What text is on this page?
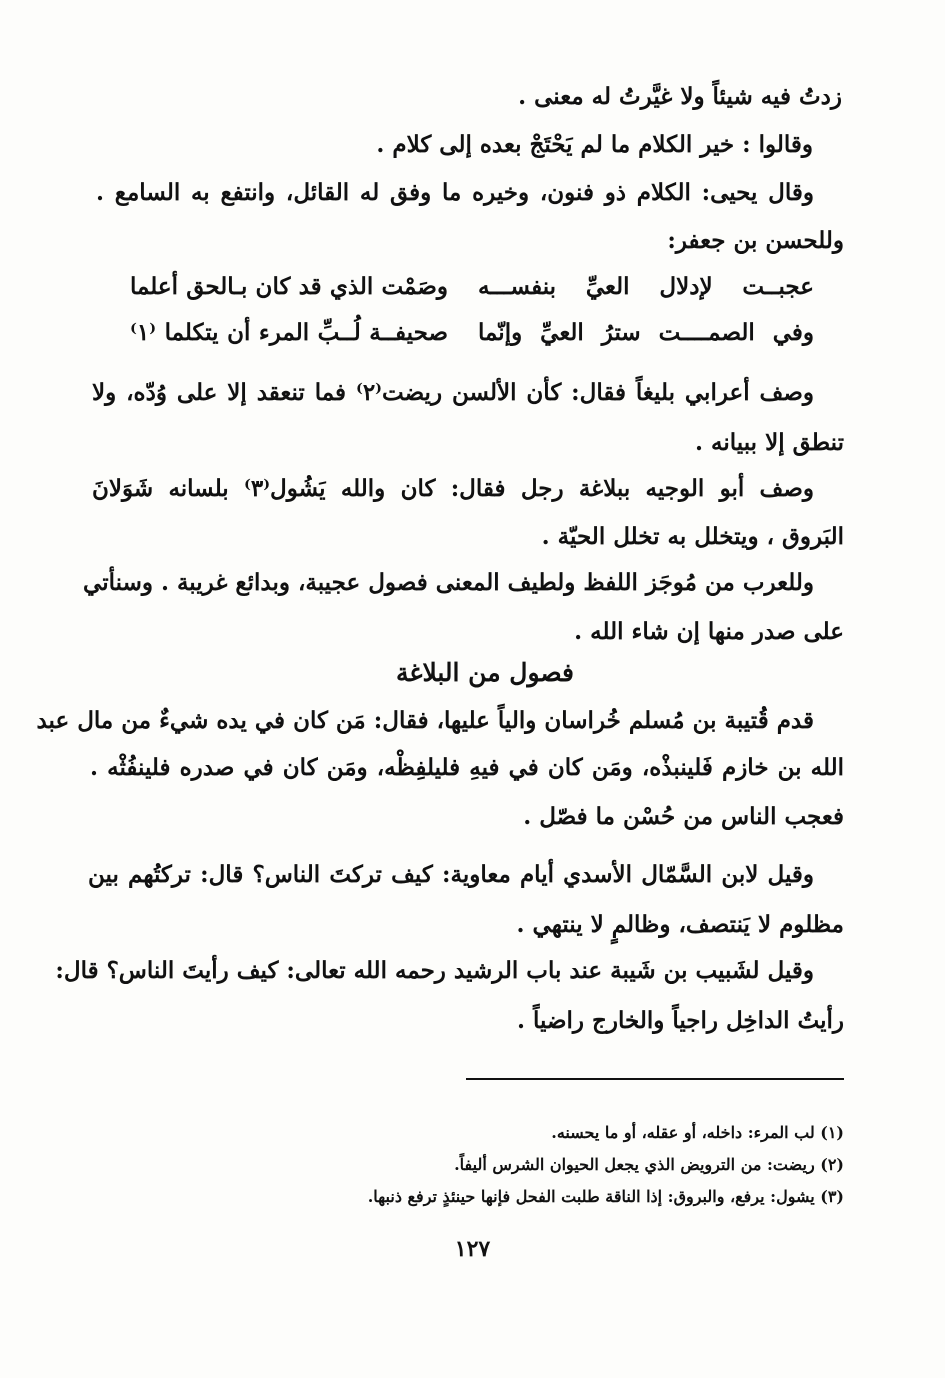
زدتُ فيه شيئاً ولا غيَّرتُ له معنى .
وقالوا : خير الكلام ما لم يَحْتَجْ بعده إلى كلام .
وقال يحيى: الكلام ذو فنون، وخيره ما وفق له القائل، وانتفع به السامع .
وللحسن بن جعفر:
وصف أعرابي بليغاً فقال: كأن الألسن ريضت⁽٢⁾ فما تنعقد إلا على وُدّه، ولا
تنطق إلا ببيانه .
وصف أبو الوجيه ببلاغة رجل فقال: كان والله يَشُول⁽٣⁾ بلسانه شَوَلانَ
البَروق ، ويتخلل به تخلل الحيّة .
وللعرب من مُوجَز اللفظ ولطيف المعنى فصول عجيبة، وبدائع غريبة . وسنأتي
على صدر منها إن شاء الله .
قدم قُتيبة بن مُسلم خُراسان والياً عليها، فقال: مَن كان في يده شيءٌ من مال عبد
الله بن خازم فَلينبذْه، ومَن كان في فيهِ فليلفِظْه، ومَن كان في صدره فلينفُثْه .
فعجب الناس من حُسْن ما فصّل .
وقيل لابن السَّمّال الأسدي أيام معاوية: كيف تركتَ الناس؟ قال: تركتُهم بين
مظلوم لا يَنتصف، وظالمٍ لا ينتهي .
وقيل لشَبيب بن شَيبة عند باب الرشيد رحمه الله تعالى: كيف رأيتَ الناس؟ قال:
رأيتُ الداخِل راجياً والخارج راضياً .
عجبــت لإدلال العيِّ بنفســـه
وصَمْت الذي قد كان بـالحق أعلما
وفي الصمــــت سترُ العيِّ وإنّما
صحيفــة لُــبِّ المرء أن يتكلما ⁽١⁾
فصول من البلاغة
(١) لب المرء: داخله، أو عقله، أو ما يحسنه.
(٢) ريضت: من الترويض الذي يجعل الحيوان الشرس أليفاً.
(٣) يشول: يرفع، والبروق: إذا الناقة طلبت الفحل فإنها حينئذٍ ترفع ذنبها.
١٢٧
